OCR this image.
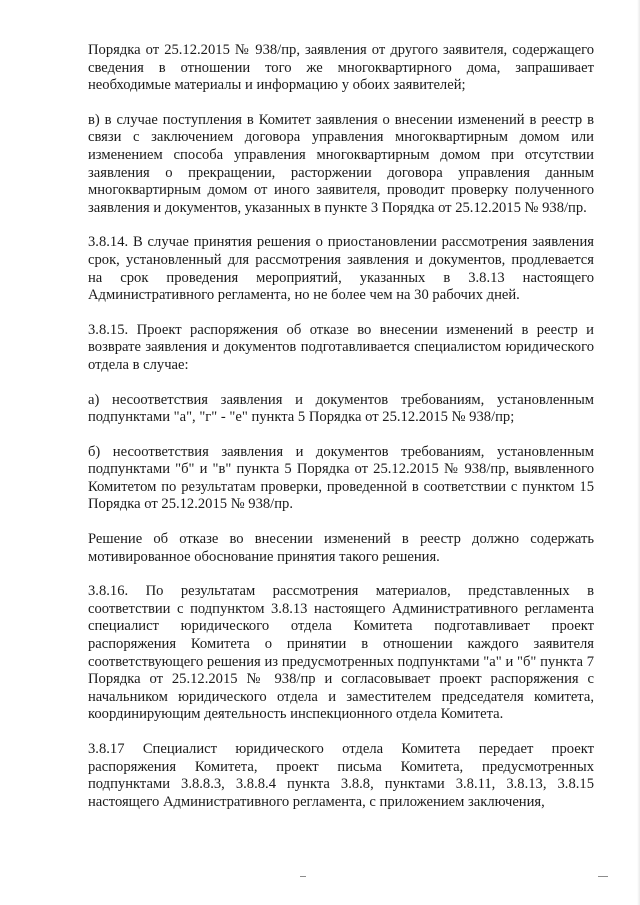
Порядка от 25.12.2015 № 938/пр, заявления от другого заявителя, содержащего сведения в отношении того же многоквартирного дома, запрашивает необходимые материалы и информацию у обоих заявителей;

в) в случае поступления в Комитет заявления о внесении изменений в реестр в связи с заключением договора управления многоквартирным домом или изменением способа управления многоквартирным домом при отсутствии заявления о прекращении, расторжении договора управления данным многоквартирным домом от иного заявителя, проводит проверку полученного заявления и документов, указанных в пункте 3 Порядка от 25.12.2015 № 938/пр.

3.8.14. В случае принятия решения о приостановлении рассмотрения заявления срок, установленный для рассмотрения заявления и документов, продлевается на срок проведения мероприятий, указанных в 3.8.13 настоящего Административного регламента, но не более чем на 30 рабочих дней.

3.8.15. Проект распоряжения об отказе во внесении изменений в реестр и возврате заявления и документов подготавливается специалистом юридического отдела в случае:

а) несоответствия заявления и документов требованиям, установленным подпунктами "а", "г" - "е" пункта 5 Порядка от 25.12.2015 № 938/пр;

б) несоответствия заявления и документов требованиям, установленным подпунктами "б" и "в" пункта 5 Порядка от 25.12.2015 № 938/пр, выявленного Комитетом по результатам проверки, проведенной в соответствии с пунктом 15 Порядка от 25.12.2015 № 938/пр.

Решение об отказе во внесении изменений в реестр должно содержать мотивированное обоснование принятия такого решения.

3.8.16. По результатам рассмотрения материалов, представленных в соответствии с подпунктом 3.8.13 настоящего Административного регламента специалист юридического отдела Комитета подготавливает проект распоряжения Комитета о принятии в отношении каждого заявителя соответствующего решения из предусмотренных подпунктами "а" и "б" пункта 7 Порядка от 25.12.2015 № 938/пр и согласовывает проект распоряжения с начальником юридического отдела и заместителем председателя комитета, координирующим деятельность инспекционного отдела Комитета.

3.8.17 Специалист юридического отдела Комитета передает проект распоряжения Комитета, проект письма Комитета, предусмотренных подпунктами 3.8.8.3, 3.8.8.4 пункта 3.8.8, пунктами 3.8.11, 3.8.13, 3.8.15 настоящего Административного регламента, с приложением заключения,
